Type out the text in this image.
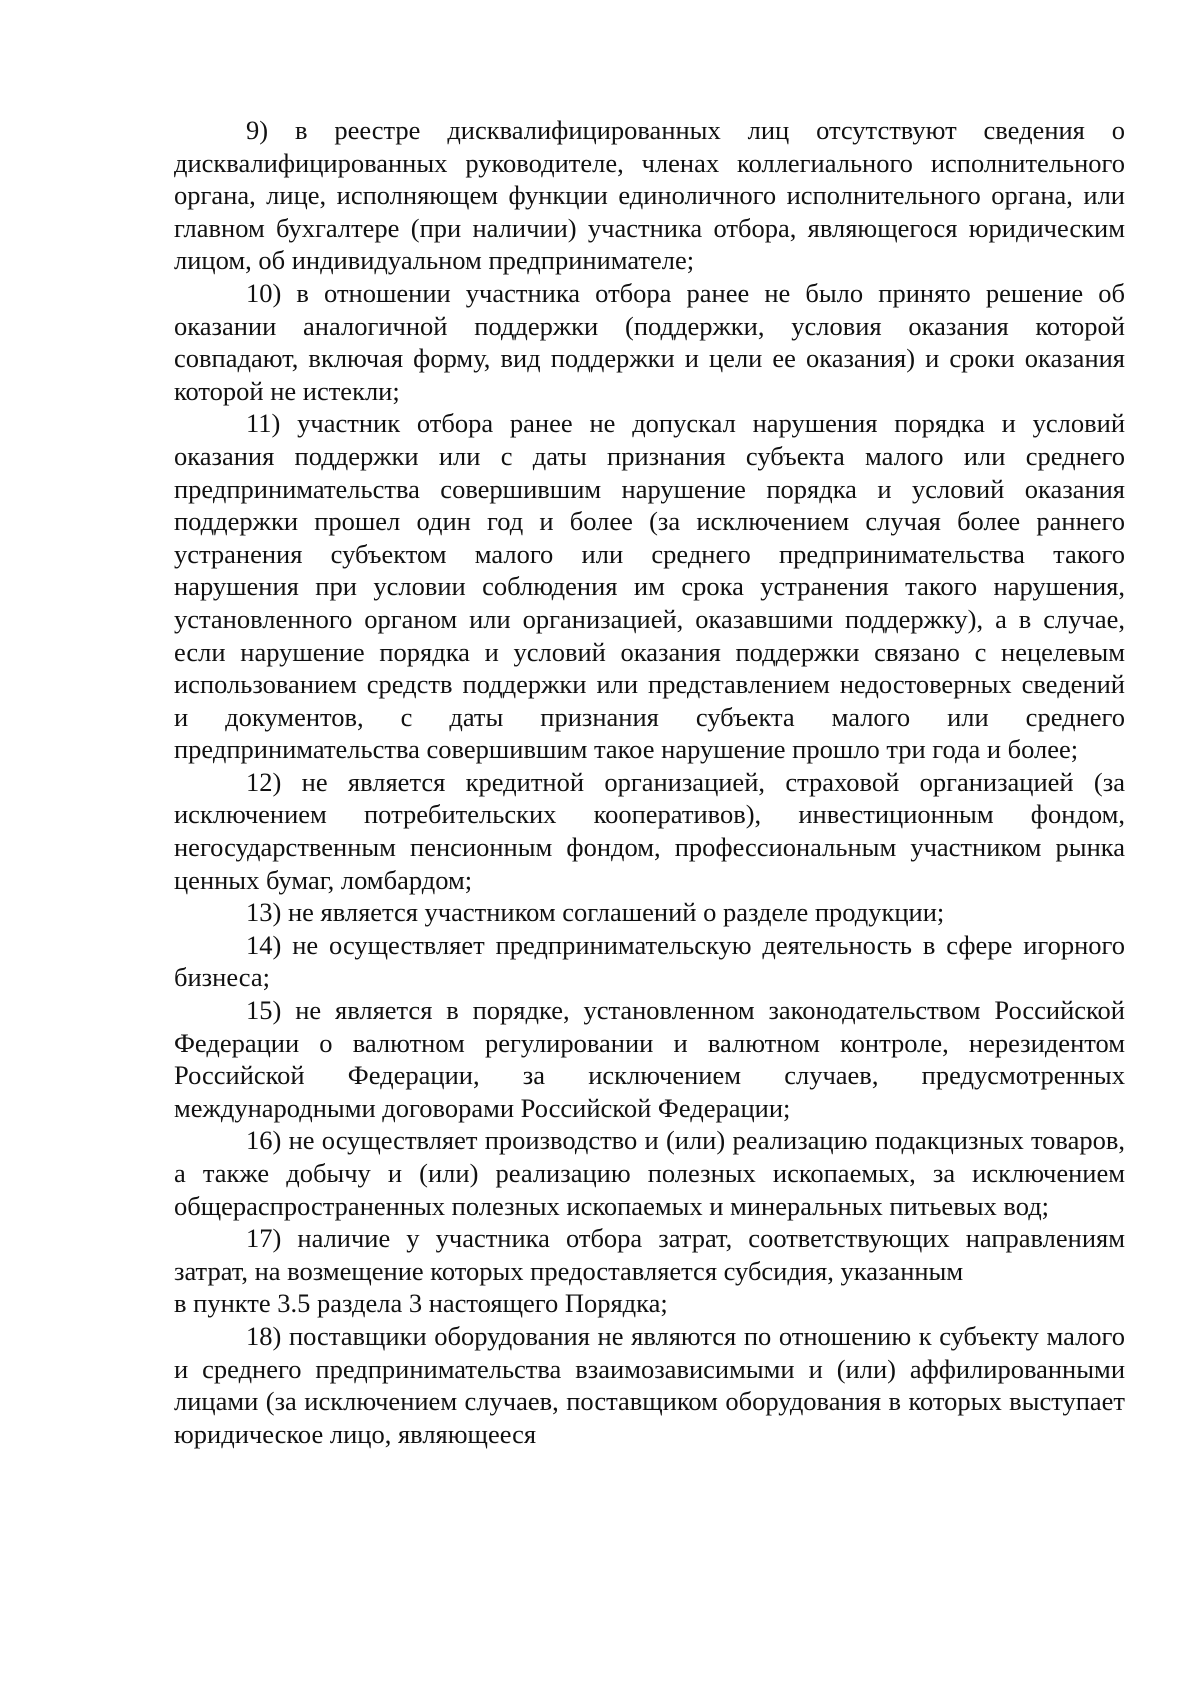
9) в реестре дисквалифицированных лиц отсутствуют сведения о дисквалифицированных руководителе, членах коллегиального исполнительного органа, лице, исполняющем функции единоличного исполнительного органа, или главном бухгалтере (при наличии) участника отбора, являющегося юридическим лицом, об индивидуальном предпринимателе;

10) в отношении участника отбора ранее не было принято решение об оказании аналогичной поддержки (поддержки, условия оказания которой совпадают, включая форму, вид поддержки и цели ее оказания) и сроки оказания которой не истекли;

11) участник отбора ранее не допускал нарушения порядка и условий оказания поддержки или с даты признания субъекта малого или среднего предпринимательства совершившим нарушение порядка и условий оказания поддержки прошел один год и более (за исключением случая более раннего устранения субъектом малого или среднего предпринимательства такого нарушения при условии соблюдения им срока устранения такого нарушения, установленного органом или организацией, оказавшими поддержку), а в случае, если нарушение порядка и условий оказания поддержки связано с нецелевым использованием средств поддержки или представлением недостоверных сведений и документов, с даты признания субъекта малого или среднего предпринимательства совершившим такое нарушение прошло три года и более;

12) не является кредитной организацией, страховой организацией (за исключением потребительских кооперативов), инвестиционным фондом, негосударственным пенсионным фондом, профессиональным участником рынка ценных бумаг, ломбардом;

13) не является участником соглашений о разделе продукции;

14) не осуществляет предпринимательскую деятельность в сфере игорного бизнеса;

15) не является в порядке, установленном законодательством Российской Федерации о валютном регулировании и валютном контроле, нерезидентом Российской Федерации, за исключением случаев, предусмотренных международными договорами Российской Федерации;

16) не осуществляет производство и (или) реализацию подакцизных товаров, а также добычу и (или) реализацию полезных ископаемых, за исключением общераспространенных полезных ископаемых и минеральных питьевых вод;

17) наличие у участника отбора затрат, соответствующих направлениям затрат, на возмещение которых предоставляется субсидия, указанным

в пункте 3.5 раздела 3 настоящего Порядка;

18) поставщики оборудования не являются по отношению к субъекту малого и среднего предпринимательства взаимозависимыми и (или) аффилированными лицами (за исключением случаев, поставщиком оборудования в которых выступает юридическое лицо, являющееся
